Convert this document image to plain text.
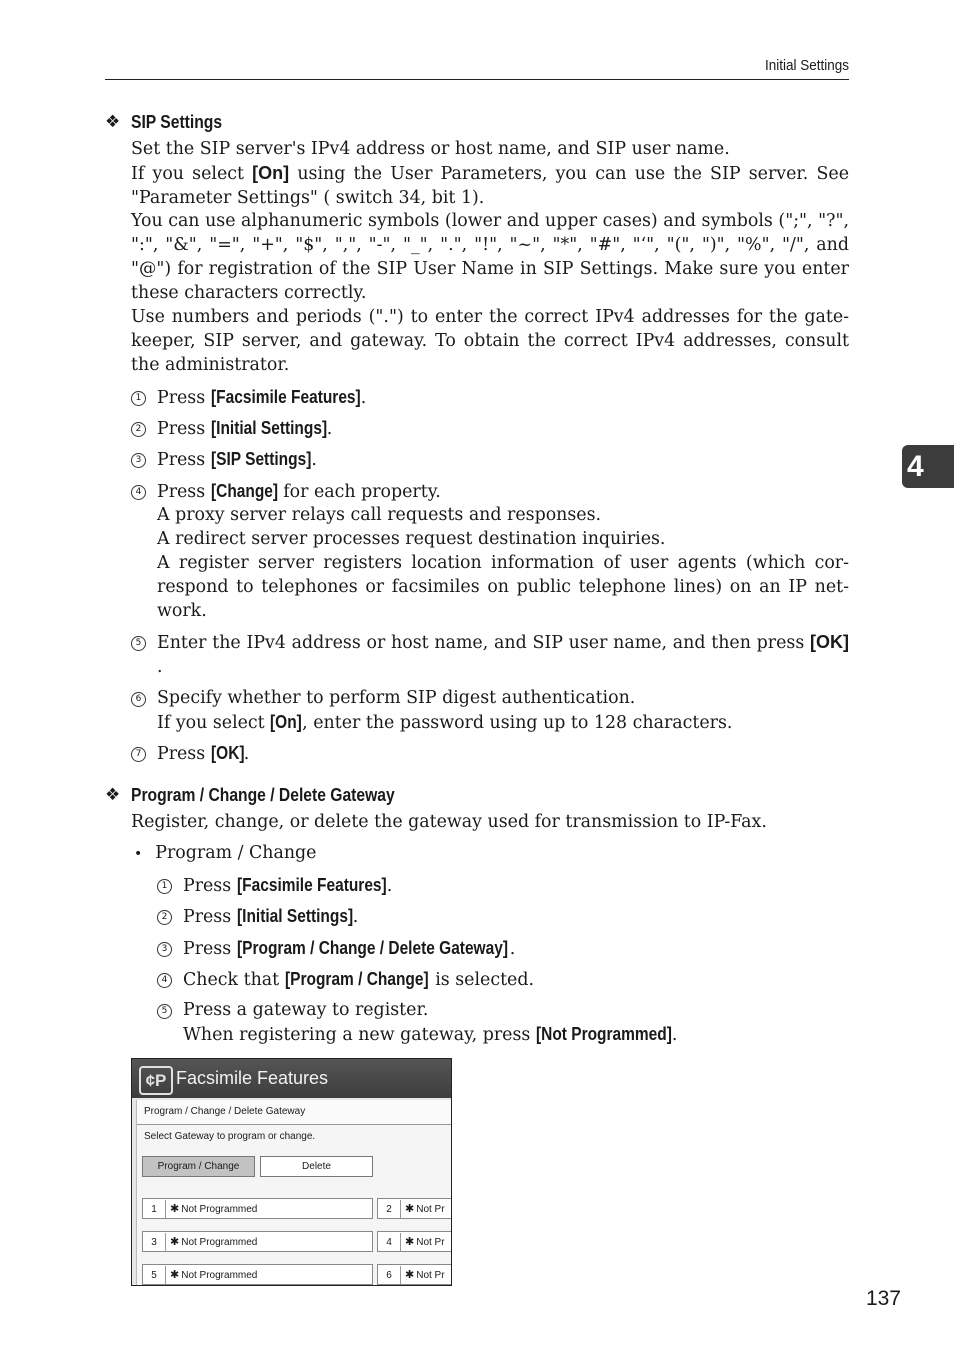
Initial Settings
4
❖ SIP Settings
Set the SIP server's IPv4 address or host name, and SIP user name.
If you select [On] using the User Parameters, you can use the SIP server. See "Parameter Settings" ( switch 34, bit 1).
You can use alphanumeric symbols (lower and upper cases) and symbols (";", "?", ":", "&", "=", "+", "$", ",", "-", "_", ".", "!", "~", "*", "#", "‘", "(", ")", "%", "/", and "@") for registration of the SIP User Name in SIP Settings. Make sure you enter these characters correctly.
Use numbers and periods (".") to enter the correct IPv4 addresses for the gate-keeper, SIP server, and gateway. To obtain the correct IPv4 addresses, consult the administrator.
1 Press [Facsimile Features].
2 Press [Initial Settings].
3 Press [SIP Settings].
4 Press [Change] for each property.
A proxy server relays call requests and responses.
A redirect server processes request destination inquiries.
A register server registers location information of user agents (which cor-respond to telephones or facsimiles on public telephone lines) on an IP net-work.
5 Enter the IPv4 address or host name, and SIP user name, and then press [OK].
6 Specify whether to perform SIP digest authentication.
If you select [On], enter the password using up to 128 characters.
7 Press [OK].
❖ Program / Change / Delete Gateway
Register, change, or delete the gateway used for transmission to IP-Fax.
• Program / Change
1 Press [Facsimile Features].
2 Press [Initial Settings].
3 Press [Program / Change / Delete Gateway] .
4 Check that [Program / Change] is selected.
5 Press a gateway to register.
When registering a new gateway, press [Not Programmed].
¢P Facsimile Features
Program / Change / Delete Gateway
Select Gateway to program or change.
Program / Change	Delete
1 ✱ Not Programmed	2 ✱ Not Pr
3 ✱ Not Programmed	4 ✱ Not Pr
5 ✱ Not Programmed	6 ✱ Not Pr
137
